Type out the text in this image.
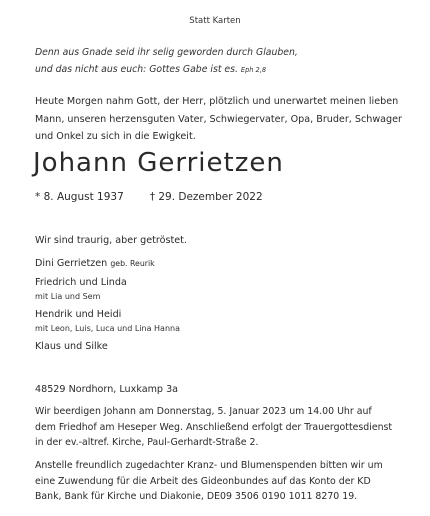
Statt Karten
Denn aus Gnade seid ihr selig geworden durch Glauben,
und das nicht aus euch: Gottes Gabe ist es. Eph 2,8
Heute Morgen nahm Gott, der Herr, plötzlich und unerwartet meinen lieben
Mann, unseren herzensguten Vater, Schwiegervater, Opa, Bruder, Schwager
und Onkel zu sich in die Ewigkeit.
Johann Gerrietzen
* 8. August 1937 † 29. Dezember 2022
Wir sind traurig, aber getröstet.
Dini Gerrietzen geb. Reurik
Friedrich und Linda
mit Lia und Sem
Hendrik und Heidi
mit Leon, Luis, Luca und Lina Hanna
Klaus und Silke
48529 Nordhorn, Luxkamp 3a
Wir beerdigen Johann am Donnerstag, 5. Januar 2023 um 14.00 Uhr auf
dem Friedhof am Heseper Weg. Anschließend erfolgt der Trauergottesdienst
in der ev.-altref. Kirche, Paul-Gerhardt-Straße 2.
Anstelle freundlich zugedachter Kranz- und Blumenspenden bitten wir um
eine Zuwendung für die Arbeit des Gideonbundes auf das Konto der KD
Bank, Bank für Kirche und Diakonie, DE09 3506 0190 1011 8270 19.
